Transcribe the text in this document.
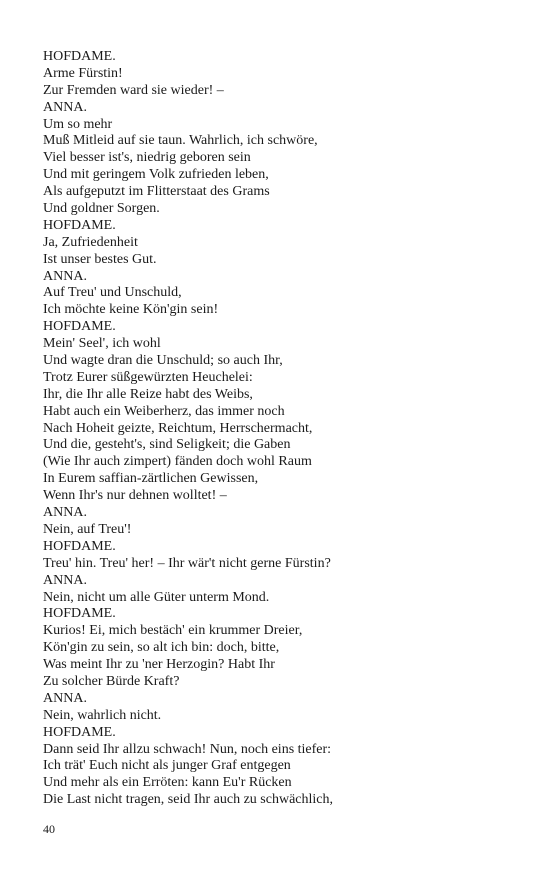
HOFDAME.
Arme Fürstin!
Zur Fremden ward sie wieder! –
ANNA.
Um so mehr
Muß Mitleid auf sie taun. Wahrlich, ich schwöre,
Viel besser ist's, niedrig geboren sein
Und mit geringem Volk zufrieden leben,
Als aufgeputzt im Flitterstaat des Grams
Und goldner Sorgen.
HOFDAME.
Ja, Zufriedenheit
Ist unser bestes Gut.
ANNA.
Auf Treu' und Unschuld,
Ich möchte keine Kön'gin sein!
HOFDAME.
Mein' Seel', ich wohl
Und wagte dran die Unschuld; so auch Ihr,
Trotz Eurer süßgewürzten Heuchelei:
Ihr, die Ihr alle Reize habt des Weibs,
Habt auch ein Weiberherz, das immer noch
Nach Hoheit geizte, Reichtum, Herrschermacht,
Und die, gesteht's, sind Seligkeit; die Gaben
(Wie Ihr auch zimpert) fänden doch wohl Raum
In Eurem saffian-zärtlichen Gewissen,
Wenn Ihr's nur dehnen wolltet! –
ANNA.
Nein, auf Treu'!
HOFDAME.
Treu' hin. Treu' her! – Ihr wär't nicht gerne Fürstin?
ANNA.
Nein, nicht um alle Güter unterm Mond.
HOFDAME.
Kurios! Ei, mich bestäch' ein krummer Dreier,
Kön'gin zu sein, so alt ich bin: doch, bitte,
Was meint Ihr zu 'ner Herzogin? Habt Ihr
Zu solcher Bürde Kraft?
ANNA.
Nein, wahrlich nicht.
HOFDAME.
Dann seid Ihr allzu schwach! Nun, noch eins tiefer:
Ich trät' Euch nicht als junger Graf entgegen
Und mehr als ein Erröten: kann Eu'r Rücken
Die Last nicht tragen, seid Ihr auch zu schwächlich,
40
